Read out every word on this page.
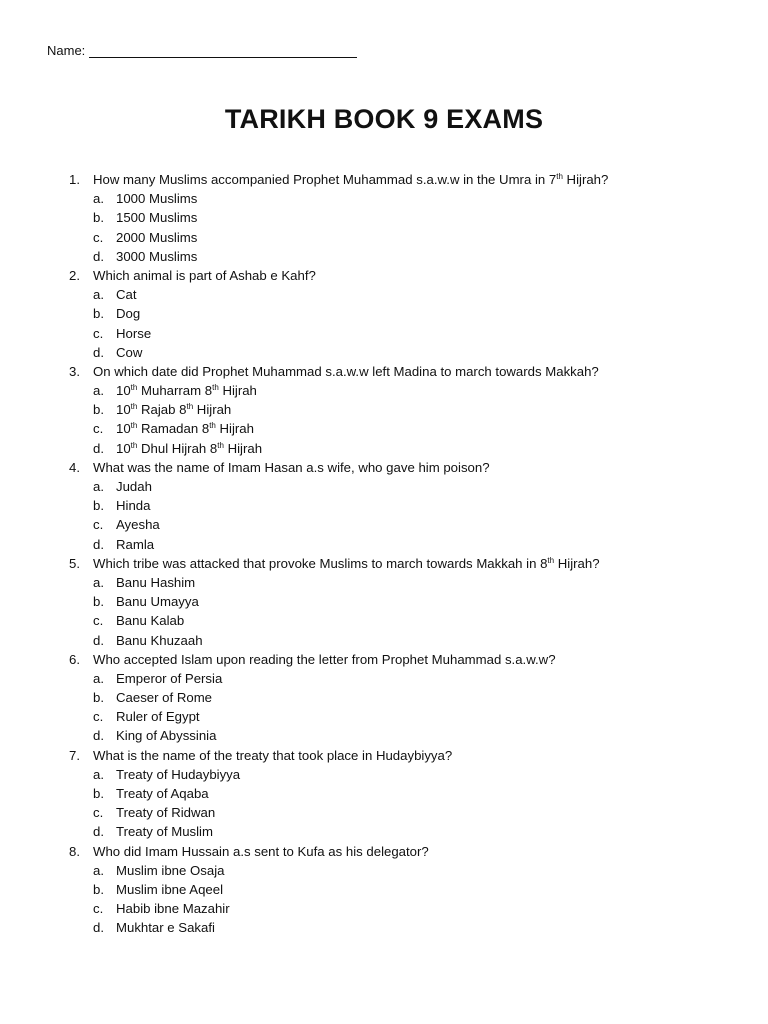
Name:
TARIKH BOOK 9 EXAMS
1. How many Muslims accompanied Prophet Muhammad s.a.w.w in the Umra in 7th Hijrah?
a. 1000 Muslims
b. 1500 Muslims
c. 2000 Muslims
d. 3000 Muslims
2. Which animal is part of Ashab e Kahf?
a. Cat
b. Dog
c. Horse
d. Cow
3. On which date did Prophet Muhammad s.a.w.w left Madina to march towards Makkah?
a. 10th Muharram 8th Hijrah
b. 10th Rajab 8th Hijrah
c. 10th Ramadan 8th Hijrah
d. 10th Dhul Hijrah 8th Hijrah
4. What was the name of Imam Hasan a.s wife, who gave him poison?
a. Judah
b. Hinda
c. Ayesha
d. Ramla
5. Which tribe was attacked that provoke Muslims to march towards Makkah in 8th Hijrah?
a. Banu Hashim
b. Banu Umayya
c. Banu Kalab
d. Banu Khuzaah
6. Who accepted Islam upon reading the letter from Prophet Muhammad s.a.w.w?
a. Emperor of Persia
b. Caeser of Rome
c. Ruler of Egypt
d. King of Abyssinia
7. What is the name of the treaty that took place in Hudaybiyya?
a. Treaty of Hudaybiyya
b. Treaty of Aqaba
c. Treaty of Ridwan
d. Treaty of Muslim
8. Who did Imam Hussain a.s sent to Kufa as his delegator?
a. Muslim ibne Osaja
b. Muslim ibne Aqeel
c. Habib ibne Mazahir
d. Mukhtar e Sakafi
